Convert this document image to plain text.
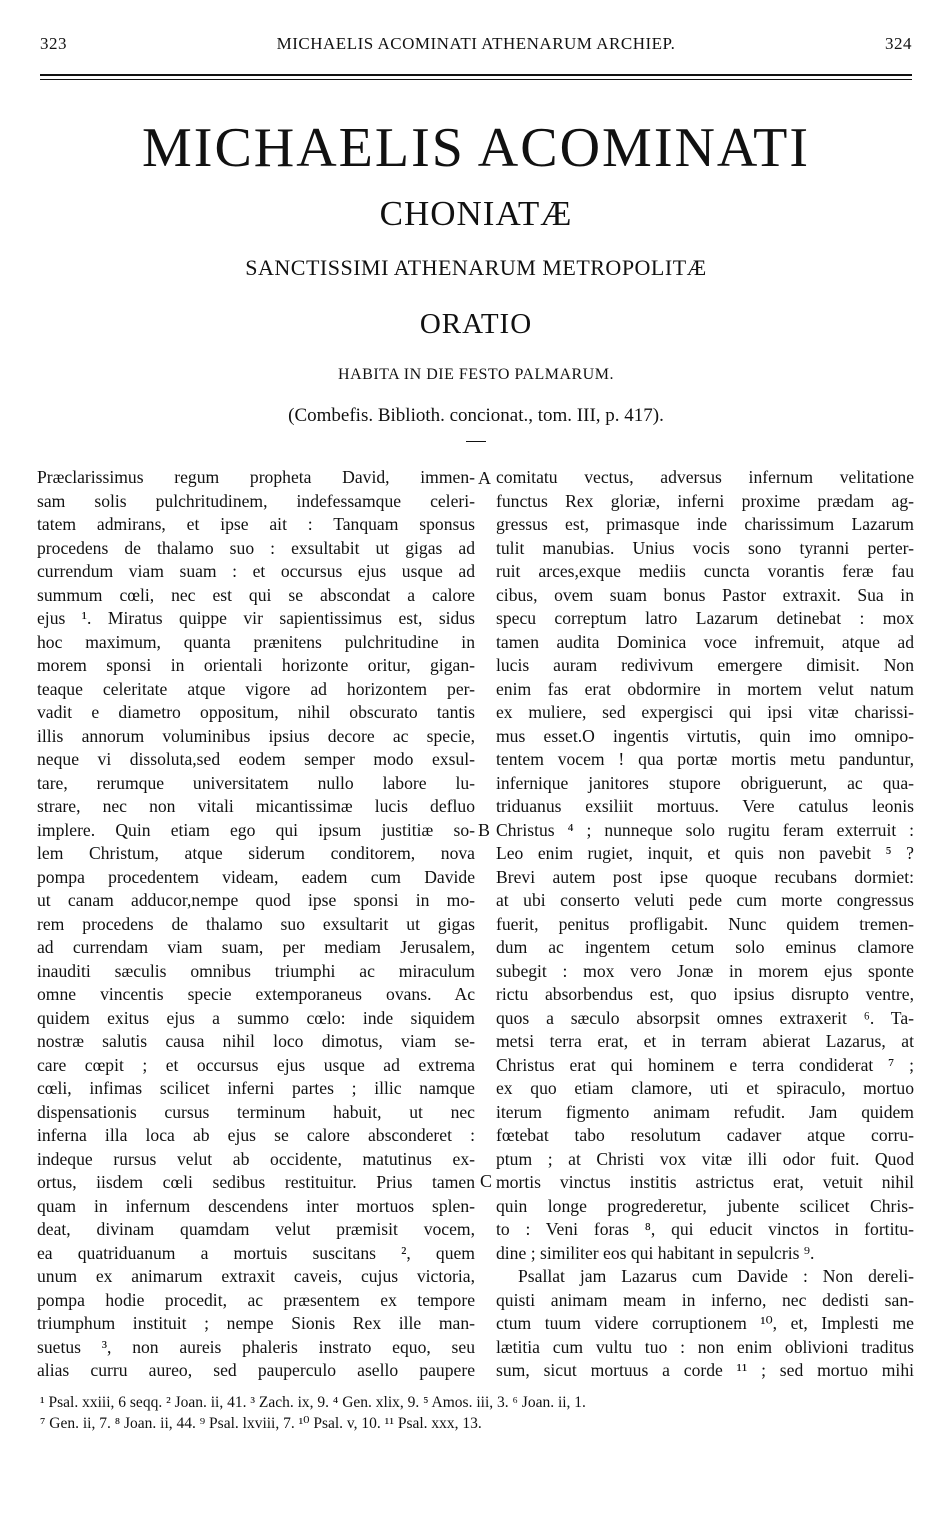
323	MICHAELIS ACOMINATI ATHENARUM ARCHIEP.	324
MICHAELIS ACOMINATI
CHONIATÆ
SANCTISSIMI ATHENARUM METROPOLITÆ
ORATIO
HABITA IN DIE FESTO PALMARUM.
(Combefis. Biblioth. concionat., tom. III, p. 417).
Præclarissimus regum propheta David, immen-
sam solis pulchritudinem, indefessamque celeri-
tatem admirans, et ipse ait : Tanquam sponsus
procedens de thalamo suo : exsultabit ut gigas ad
currendum viam suam : et occursus ejus usque ad
summum cœli, nec est qui se abscondat a calore
ejus ¹. Miratus quippe vir sapientissimus est, sidus
hoc maximum, quanta prænitens pulchritudine in
morem sponsi in orientali horizonte oritur, gigan-
teaque celeritate atque vigore ad horizontem per-
vadit e diametro oppositum, nihil obscurato tantis
illis annorum voluminibus ipsius decore ac specie,
neque vi dissoluta,sed eodem semper modo exsul-
tare, rerumque universitatem nullo labore lu-
strare, nec non vitali micantissimæ lucis defluo
implere. Quin etiam ego qui ipsum justitiæ so-
lem Christum, atque siderum conditorem, nova
pompa procedentem videam, eadem cum Davide
ut canam adducor,nempe quod ipse sponsi in mo-
rem procedens de thalamo suo exsultarit ut gigas
ad currendam viam suam, per mediam Jerusalem,
inauditi sæculis omnibus triumphi ac miraculum
omne vincentis specie extemporaneus ovans. Ac
quidem exitus ejus a summo cœlo: inde siquidem
nostræ salutis causa nihil loco dimotus, viam se-
care cœpit ; et occursus ejus usque ad extrema
cœli, infimas scilicet inferni partes ; illic namque
dispensationis cursus terminum habuit, ut nec
inferna illa loca ab ejus se calore absconderet :
indeque rursus velut ab occidente, matutinus ex-
ortus, iisdem cœli sedibus restituitur. Prius tamen
quam in infernum descendens inter mortuos splen-
deat, divinam quamdam velut præmisit vocem,
ea quatriduanum a mortuis suscitans ², quem
unum ex animarum extraxit caveis, cujus victoria,
pompa hodie procedit, ac præsentem ex tempore
triumphum instituit ; nempe Sionis Rex ille man-
suetus ³, non aureis phaleris instrato equo, seu
alias curru aureo, sed pauperculo asello paupere
comitatu vectus, adversus infernum velitatione
functus Rex gloriæ, inferni proxime prædam ag-
gressus est, primasque inde charissimum Lazarum
tulit manubias. Unius vocis sono tyranni perter-
ruit arces,exque mediis cuncta vorantis feræ fau
cibus, ovem suam bonus Pastor extraxit. Sua in
specu correptum latro Lazarum detinebat : mox
tamen audita Dominica voce infremuit, atque ad
lucis auram redivivum emergere dimisit. Non
enim fas erat obdormire in mortem velut natum
ex muliere, sed expergisci qui ipsi vitæ charissi-
mus esset.O ingentis virtutis, quin imo omnipo-
tentem vocem ! qua portæ mortis metu panduntur,
infernique janitores stupore obriguerunt, ac qua-
triduanus exsiliit mortuus. Vere catulus leonis
Christus ⁴ ; nunneque solo rugitu feram exterruit :
Leo enim rugiet, inquit, et quis non pavebit ⁵ ?
Brevi autem post ipse quoque recubans dormiet:
at ubi conserto veluti pede cum morte congressus
fuerit, penitus profligabit. Nunc quidem tremen-
dum ac ingentem cetum solo eminus clamore
subegit : mox vero Jonæ in morem ejus sponte
rictu absorbendus est, quo ipsius disrupto ventre,
quos a sæculo absorpsit omnes extraxerit ⁶. Ta-
metsi terra erat, et in terram abierat Lazarus, at
Christus erat qui hominem e terra condiderat ⁷ ;
ex quo etiam clamore, uti et spiraculo, mortuo
iterum figmento animam refudit. Jam quidem
fœtebat tabo resolutum cadaver atque corru-
ptum ; at Christi vox vitæ illi odor fuit. Quod
mortis vinctus institis astrictus erat, vetuit nihil
quin longe progrederetur, jubente scilicet Chris-
to : Veni foras ⁸, qui educit vinctos in fortitu-
dine ; similiter eos qui habitant in sepulcris ⁹.
Psallat jam Lazarus cum Davide : Non dereli-
quisti animam meam in inferno, nec dedisti san-
ctum tuum videre corruptionem ¹⁰, et, Implesti me
lætitia cum vultu tuo : non enim oblivioni traditus
sum, sicut mortuus a corde ¹¹ ; sed mortuo mihi
A
B
C
¹ Psal. xxiii, 6 seqq. ² Joan. ii, 41. ³ Zach. ix, 9. ⁴ Gen. xlix, 9. ⁵ Amos. iii, 3. ⁶ Joan. ii, 1.
⁷ Gen. ii, 7. ⁸ Joan. ii, 44. ⁹ Psal. lxviii, 7. ¹⁰ Psal. v, 10. ¹¹ Psal. xxx, 13.
